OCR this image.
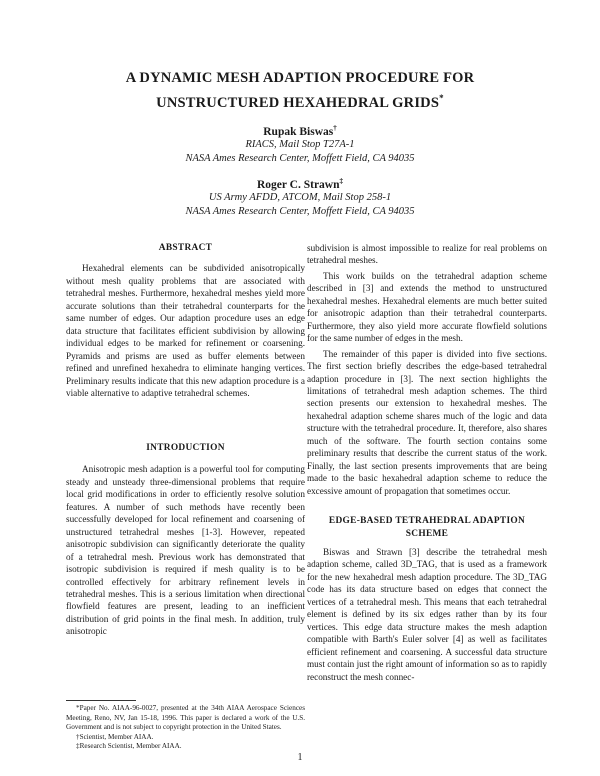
A DYNAMIC MESH ADAPTION PROCEDURE FOR
UNSTRUCTURED HEXAHEDRAL GRIDS*
Rupak Biswas†
RIACS, Mail Stop T27A-1
NASA Ames Research Center, Moffett Field, CA 94035
Roger C. Strawn‡
US Army AFDD, ATCOM, Mail Stop 258-1
NASA Ames Research Center, Moffett Field, CA 94035
ABSTRACT

Hexahedral elements can be subdivided anisotropically without mesh quality problems that are associated with tetrahedral meshes. Furthermore, hexahedral meshes yield more accurate solutions than their tetrahedral counterparts for the same number of edges. Our adaption procedure uses an edge data structure that facilitates efficient subdivision by allowing individual edges to be marked for refinement or coarsening. Pyramids and prisms are used as buffer elements between refined and unrefined hexahedra to eliminate hanging vertices. Preliminary results indicate that this new adaption procedure is a viable alternative to adaptive tetrahedral schemes.

INTRODUCTION

Anisotropic mesh adaption is a powerful tool for computing steady and unsteady three-dimensional problems that require local grid modifications in order to efficiently resolve solution features. A number of such methods have recently been successfully developed for local refinement and coarsening of unstructured tetrahedral meshes [1-3]. However, repeated anisotropic subdivision can significantly deteriorate the quality of a tetrahedral mesh. Previous work has demonstrated that isotropic subdivision is required if mesh quality is to be controlled effectively for arbitrary refinement levels in tetrahedral meshes. This is a serious limitation when directional flowfield features are present, leading to an inefficient distribution of grid points in the final mesh. In addition, truly anisotropic

*Paper No. AIAA-96-0027, presented at the 34th AIAA Aerospace Sciences Meeting, Reno, NV, Jan 15-18, 1996. This paper is declared a work of the U.S. Government and is not subject to copyright protection in the United States.

†Scientist, Member AIAA.

‡Research Scientist, Member AIAA.

subdivision is almost impossible to realize for real problems on tetrahedral meshes.

This work builds on the tetrahedral adaption scheme described in [3] and extends the method to unstructured hexahedral meshes. Hexahedral elements are much better suited for anisotropic adaption than their tetrahedral counterparts. Furthermore, they also yield more accurate flowfield solutions for the same number of edges in the mesh.

The remainder of this paper is divided into five sections. The first section briefly describes the edge-based tetrahedral adaption procedure in [3]. The next section highlights the limitations of tetrahedral mesh adaption schemes. The third section presents our extension to hexahedral meshes. The hexahedral adaption scheme shares much of the logic and data structure with the tetrahedral procedure. It, therefore, also shares much of the software. The fourth section contains some preliminary results that describe the current status of the work. Finally, the last section presents improvements that are being made to the basic hexahedral adaption scheme to reduce the excessive amount of propagation that sometimes occur.

EDGE-BASED TETRAHEDRAL ADAPTION SCHEME

Biswas and Strawn [3] describe the tetrahedral mesh adaption scheme, called 3D_TAG, that is used as a framework for the new hexahedral mesh adaption procedure. The 3D_TAG code has its data structure based on edges that connect the vertices of a tetrahedral mesh. This means that each tetrahedral element is defined by its six edges rather than by its four vertices. This edge data structure makes the mesh adaption compatible with Barth's Euler solver [4] as well as facilitates efficient refinement and coarsening. A successful data structure must contain just the right amount of information so as to rapidly reconstruct the mesh connec-

1
